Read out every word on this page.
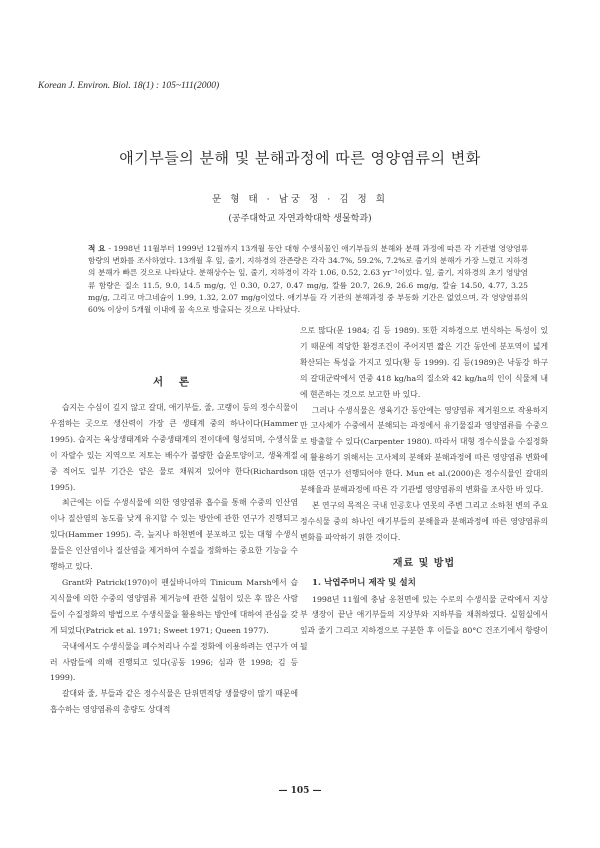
Korean J. Environ. Biol. 18(1) : 105~111(2000)
애기부들의 분해 및 분해과정에 따른 영양염류의 변화
문 형 태 · 남궁 정 · 김 정 희
(공주대학교 자연과학대학 생물학과)
적 요 - 1998년 11월부터 1999년 12월까지 13개월 동안 대형 수생식물인 애기부들의 분해와 분해 과정에 따른 각 기관별 영양염류 함량의 변화를 조사하였다. 13개월 후 잎, 줄기, 지하경의 잔존량은 각각 34.7%, 59.2%, 7.2%로 줄기의 분해가 가장 느렸고 지하경의 분해가 빠른 것으로 나타났다. 분해상수는 잎, 줄기, 지하경이 각각 1.06, 0.52, 2.63 yr⁻¹이었다. 잎, 줄기, 지하경의 초기 영양염류 함량은 질소 11.5, 9.0, 14.5 mg/g, 인 0.30, 0.27, 0.47 mg/g, 칼륨 20.7, 26.9, 26.6 mg/g, 칼슘 14.50, 4.77, 3.25 mg/g, 그리고 마그네슘이 1.99, 1.32, 2.07 mg/g이었다. 애기부들 각 기관의 분해과정 중 부동화 기간은 없었으며, 각 영양염류의 60% 이상이 5개월 이내에 물 속으로 방출되는 것으로 나타났다.
서 론

습지는 수심이 깊지 않고 갈대, 애기부들, 줄, 고랭이 등의 정수식물이 우점하는 곳으로 생산력이 가장 큰 생태계 중의 하나이다(Hammer 1995). 습지는 육상생태계와 수중생태계의 전이대에 형성되며, 수생식물이 자랄수 있는 지역으로 저토는 배수가 불량한 습윤토양이고, 생육계절 중 적어도 일부 기간은 얕은 물로 채워져 있어야 한다(Richardson 1995).

최근에는 이들 수생식물에 의한 영양염류 흡수를 통해 수중의 인산염이나 질산염의 농도를 낮게 유지할 수 있는 방안에 관한 연구가 진행되고 있다(Hammer 1995). 즉, 늪지나 하천변에 분포하고 있는 대형 수생식물들은 인산염이나 질산염을 제거하여 수질을 정화하는 중요한 기능을 수행하고 있다.

Grant와 Patrick(1970)이 펜실바니아의 Tinicum Marsh에서 습지식물에 의한 수중의 영양염류 제거능에 관한 실험이 있은 후 많은 사람들이 수질정화의 방법으로 수생식물을 활용하는 방안에 대하여 관심을 갖게 되었다(Patrick et al. 1971; Sweet 1971; Queen 1977).

국내에서도 수생식물을 폐수처리나 수질 정화에 이용하려는 연구가 여러 사람들에 의해 진행되고 있다(공동 1996; 심과 한 1998; 김 등 1999).

갈대와 줄, 부들과 같은 정수식물은 단위면적당 생물량이 많기 때문에 흡수하는 영양염류의 총량도 상대적

으로 많다(문 1984; 김 등 1989). 또한 지하경으로 번식하는 특성이 있기 때문에 적당한 환경조건이 주어지면 짧은 기간 동안에 분포역이 넓게 확산되는 특성을 가지고 있다(황 등 1999). 김 등(1989)은 낙동강 하구의 갈대군락에서 연중 418 kg/ha의 질소와 42 kg/ha의 인이 식물체 내에 현존하는 것으로 보고한 바 있다.

그러나 수생식물은 생육기간 동안에는 영양염류 제거원으로 작용하지만 고사체가 수중에서 분해되는 과정에서 유기물질과 영양염류를 수중으로 방출할 수 있다(Carpenter 1980). 따라서 대형 정수식물을 수질정화에 활용하기 위해서는 고사체의 분해와 분해과정에 따른 영양염류 변화에 대한 연구가 선행되어야 한다. Mun et al.(2000)은 정수식물인 갈대의 분해율과 분해과정에 따른 각 기관별 영양염류의 변화를 조사한 바 있다.

본 연구의 목적은 국내 인공호나 연못의 주변 그리고 소하천 변의 주요 정수식물 중의 하나인 애기부들의 분해율과 분해과정에 따른 영양염류의 변화를 파악하기 위한 것이다.

재료 및 방법

1. 낙엽주머니 제작 및 설치

1998년 11월에 충남 옹천면에 있는 수로의 수생식물 군락에서 지상부 생장이 끝난 애기부들의 지상부와 지하부를 채취하였다. 실험실에서 잎과 줄기 그리고 지하경으로 구분한 후 이들을 80°C 건조기에서 항량이 될

— 105 —
